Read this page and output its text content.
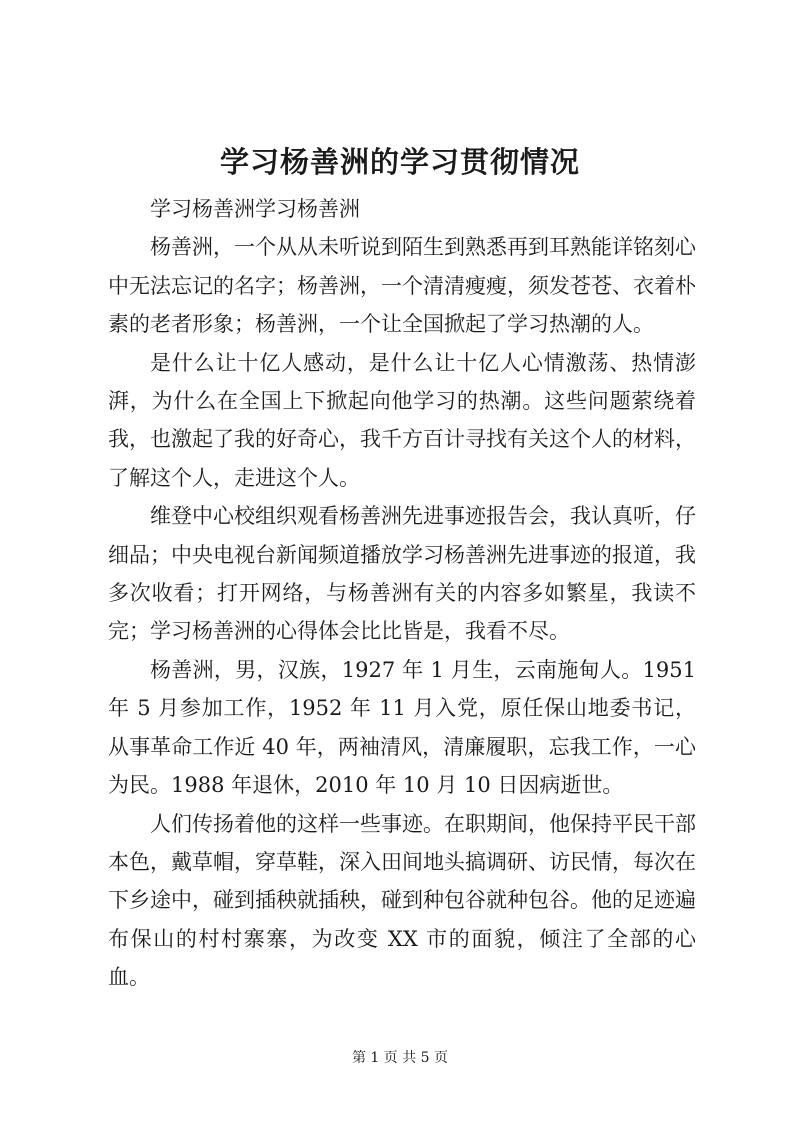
学习杨善洲的学习贯彻情况

学习杨善洲学习杨善洲

杨善洲，一个从从未听说到陌生到熟悉再到耳熟能详铭刻心中无法忘记的名字；杨善洲，一个清清瘦瘦，须发苍苍、衣着朴素的老者形象；杨善洲，一个让全国掀起了学习热潮的人。

是什么让十亿人感动，是什么让十亿人心情激荡、热情澎湃，为什么在全国上下掀起向他学习的热潮。这些问题萦绕着我，也激起了我的好奇心，我千方百计寻找有关这个人的材料，了解这个人，走进这个人。

维登中心校组织观看杨善洲先进事迹报告会，我认真听，仔细品；中央电视台新闻频道播放学习杨善洲先进事迹的报道，我多次收看；打开网络，与杨善洲有关的内容多如繁星，我读不完；学习杨善洲的心得体会比比皆是，我看不尽。

杨善洲，男，汉族，1927 年 1 月生，云南施甸人。1951 年 5 月参加工作，1952 年 11 月入党，原任保山地委书记，从事革命工作近 40 年，两袖清风，清廉履职，忘我工作，一心为民。1988 年退休，2010 年 10 月 10 日因病逝世。

人们传扬着他的这样一些事迹。在职期间，他保持平民干部本色，戴草帽，穿草鞋，深入田间地头搞调研、访民情，每次在下乡途中，碰到插秧就插秧，碰到种包谷就种包谷。他的足迹遍布保山的村村寨寨，为改变 XX 市的面貌，倾注了全部的心血。

第 1 页 共 5 页
